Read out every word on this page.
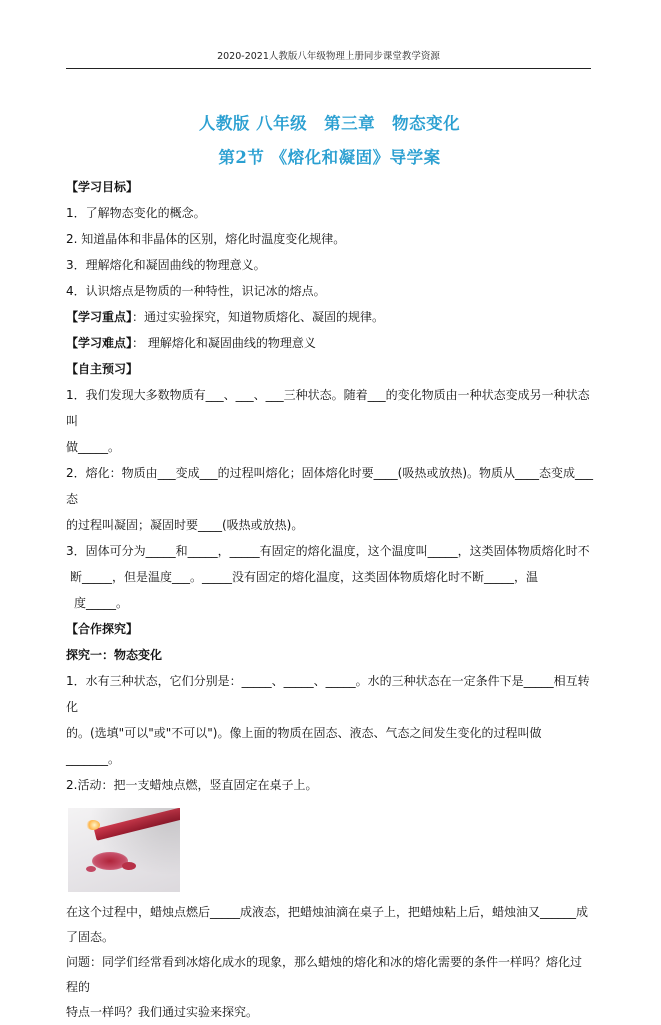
2020-2021人教版八年级物理上册同步课堂教学资源
人教版 八年级　第三章　物态变化
第2节 《熔化和凝固》导学案

【学习目标】

1．了解物态变化的概念。

2. 知道晶体和非晶体的区别，熔化时温度变化规律。

3．理解熔化和凝固曲线的物理意义。

4．认识熔点是物质的一种特性，识记冰的熔点。

【学习重点】：通过实验探究，知道物质熔化、凝固的规律。

【学习难点】： 理解熔化和凝固曲线的物理意义

【自主预习】

1．我们发现大多数物质有___、___、___三种状态。随着___的变化物质由一种状态变成另一种状态叫

做_____。

2．熔化：物质由___变成___的过程叫熔化；固体熔化时要____(吸热或放热)。物质从____态变成___态

的过程叫凝固；凝固时要____(吸热或放热)。

3．固体可分为_____和_____，_____有固定的熔化温度，这个温度叫_____，这类固体物质熔化时不

断_____，但是温度___。_____没有固定的熔化温度，这类固体物质熔化时不断_____，温

度_____。

【合作探究】

探究一：物态变化

1．水有三种状态，它们分别是：_____、_____、_____。水的三种状态在一定条件下是_____相互转化

的。(选填"可以"或"不可以")。像上面的物质在固态、液态、气态之间发生变化的过程叫做_______。

2.活动：把一支蜡烛点燃，竖直固定在桌子上。

在这个过程中，蜡烛点燃后_____成液态，把蜡烛油滴在桌子上，把蜡烛粘上后，蜡烛油又______成

了固态。

问题：同学们经常看到冰熔化成水的现象，那么蜡烛的熔化和冰的熔化需要的条件一样吗？熔化过程的

特点一样吗？我们通过实验来探究。
